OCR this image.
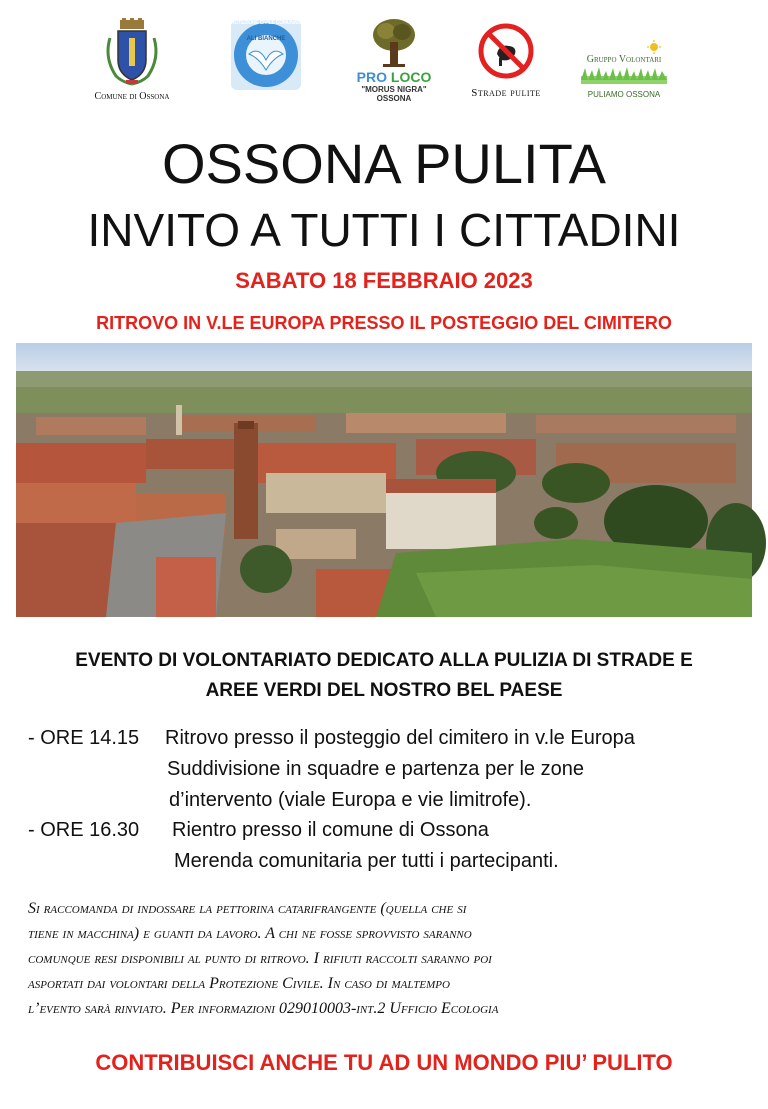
Comune di Ossona
PROTEZIONE CIVILE COMUNALE DI OSSONA
ALI BIANCHE
PRO LOCO
"MORUS NIGRA"
OSSONA	Strade pulite
Gruppo Volontari
PULIAMO OSSONA
OSSONA PULITA
INVITO A TUTTI I CITTADINI
SABATO 18 FEBBRAIO 2023
RITROVO IN V.LE EUROPA PRESSO IL POSTEGGIO DEL CIMITERO
EVENTO DI VOLONTARIATO DEDICATO ALLA PULIZIA DI STRADE E
AREE VERDI DEL NOSTRO BEL PAESE
- ORE 14.15 Ritrovo presso il posteggio del cimitero in v.le Europa
Suddivisione in squadre e partenza per le zone
d’intervento (viale Europa e vie limitrofe).
- ORE 16.30 Rientro presso il comune di Ossona
Merenda comunitaria per tutti i partecipanti.
Si raccomanda di indossare la pettorina catarifrangente (quella che si
tiene in macchina) e guanti da lavoro. A chi ne fosse sprovvisto saranno
comunque resi disponibili al punto di ritrovo. I rifiuti raccolti saranno poi
asportati dai volontari della Protezione Civile. In caso di maltempo
l’evento sarà rinviato. Per informazioni 029010003-int.2 Ufficio Ecologia
CONTRIBUISCI ANCHE TU AD UN MONDO PIU’ PULITO
